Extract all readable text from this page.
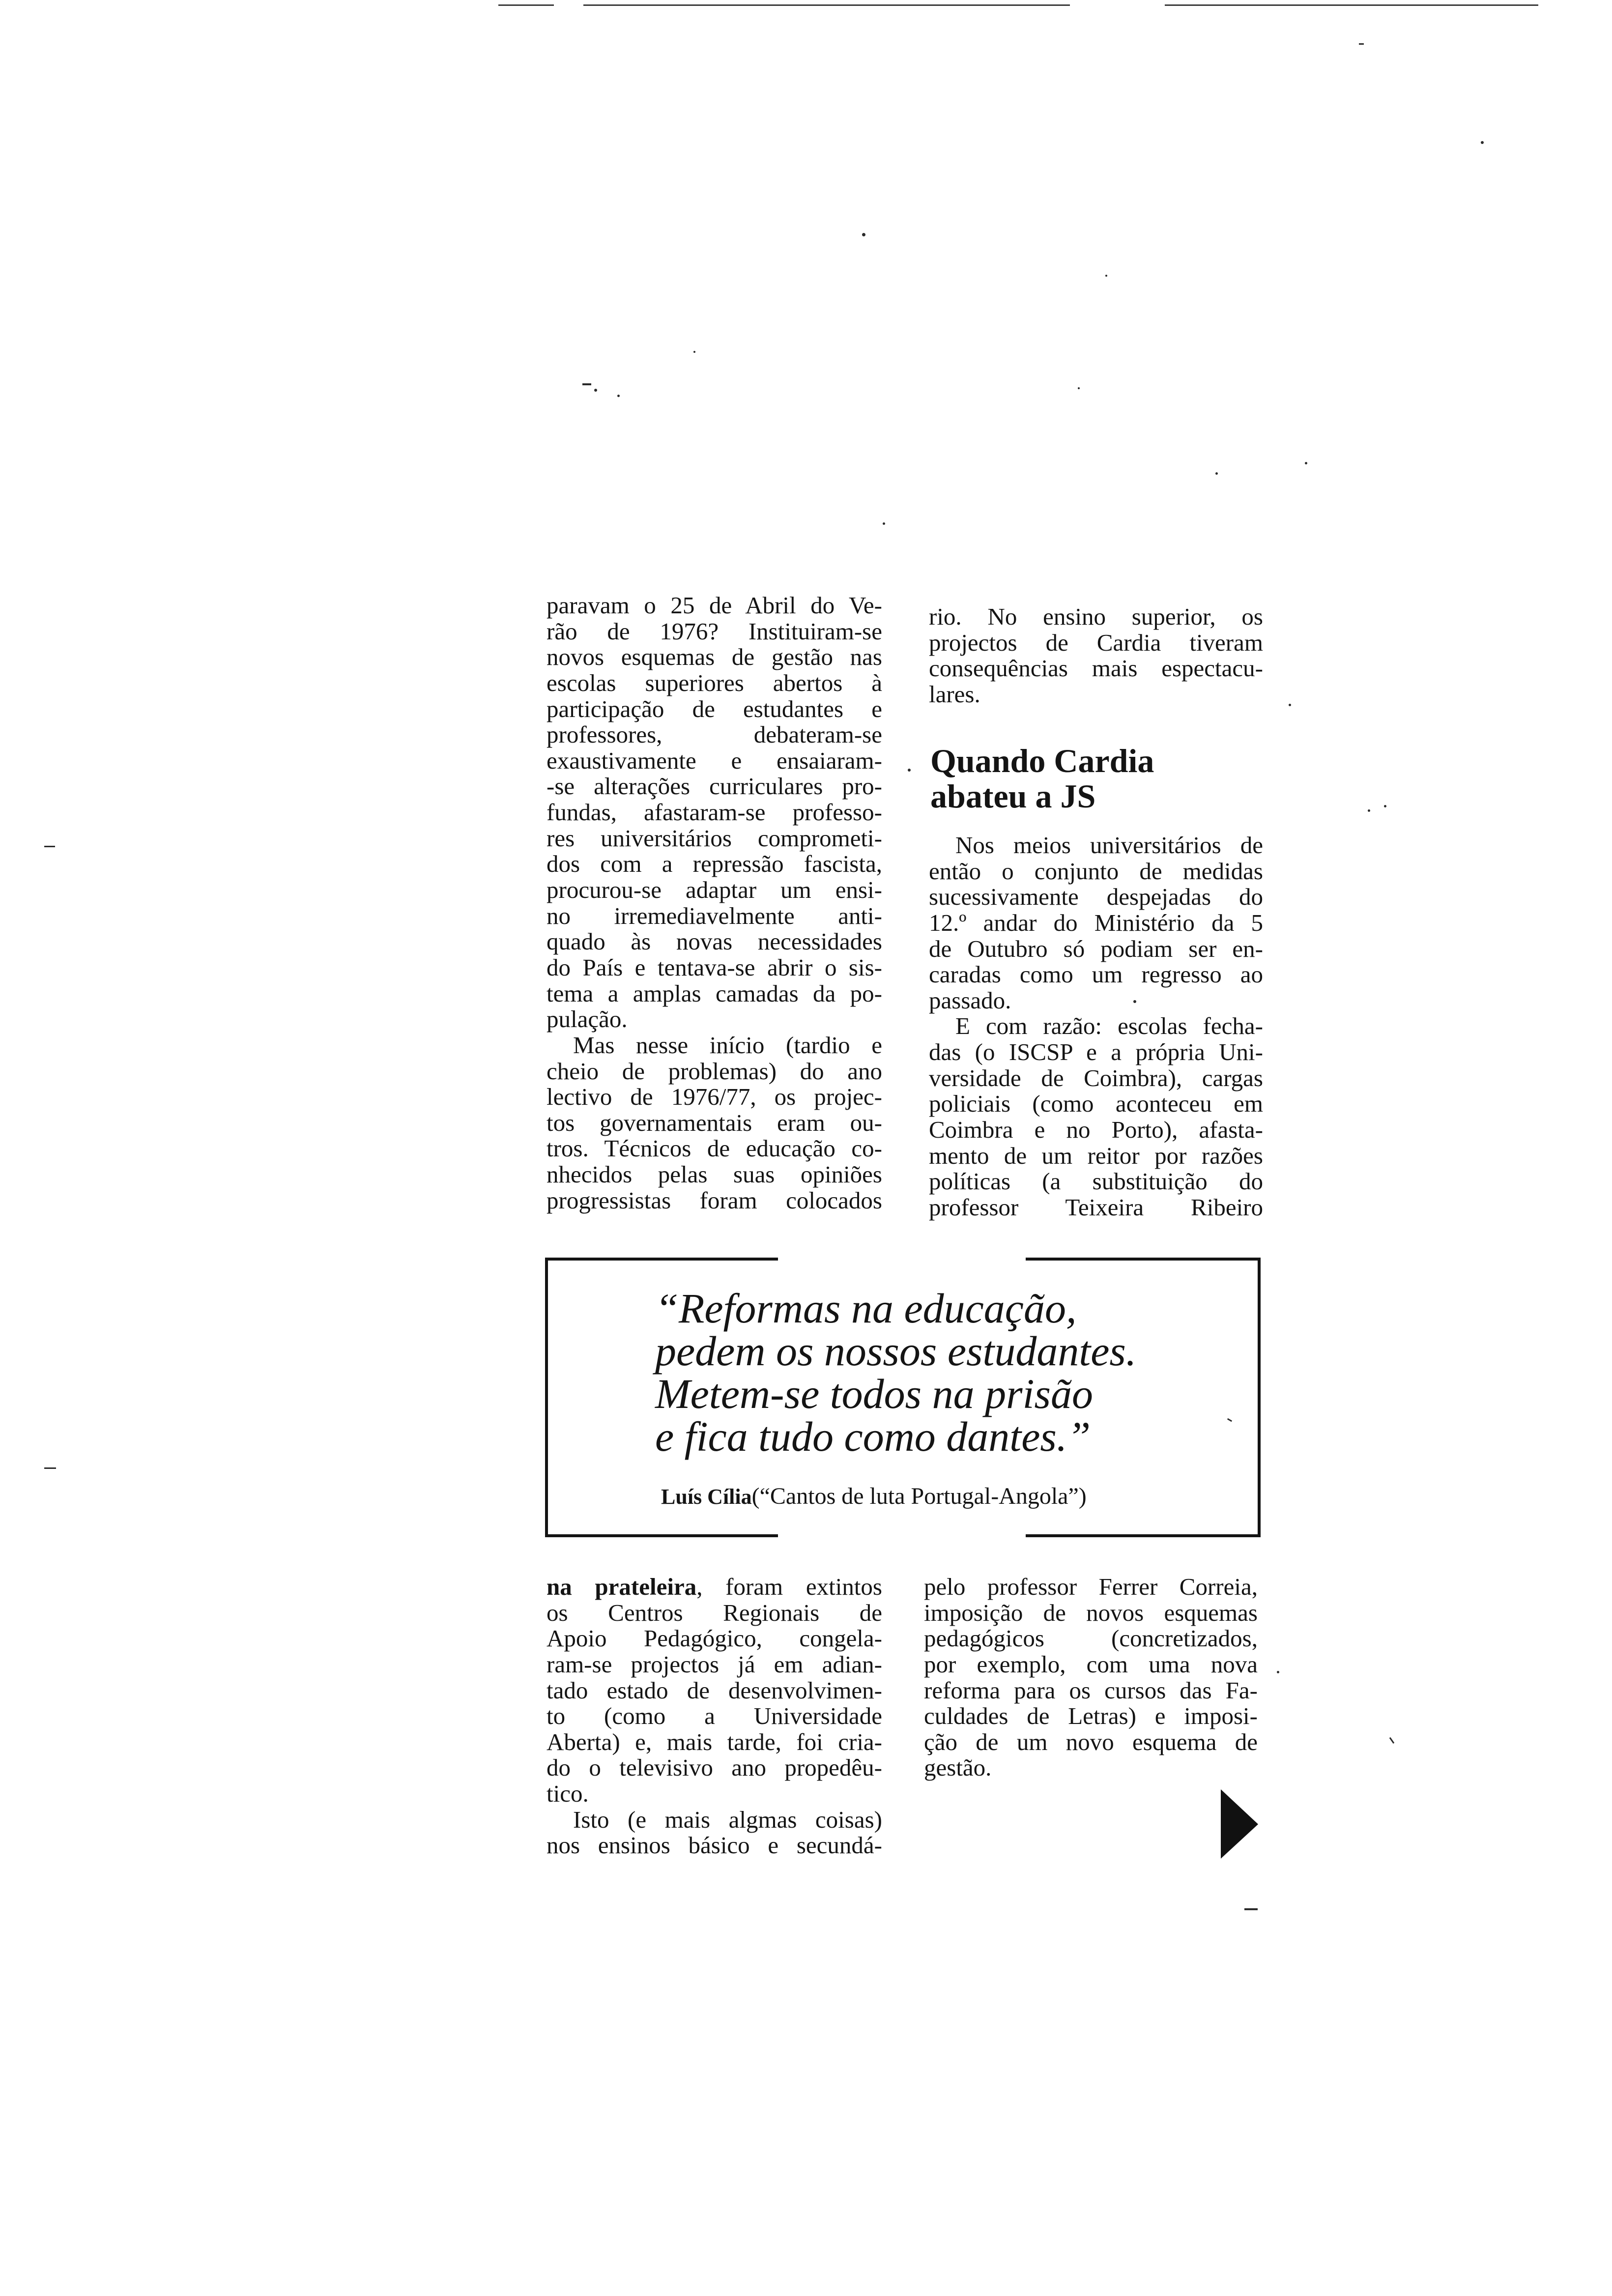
paravam o 25 de Abril do Ve-
rão de 1976? Instituiram-se
novos esquemas de gestão nas
escolas superiores abertos à
participação de estudantes e
professores, debateram-se
exaustivamente e ensaiaram-
-se alterações curriculares pro-
fundas, afastaram-se professo-
res universitários comprometi-
dos com a repressão fascista,
procurou-se adaptar um ensi-
no irremediavelmente anti-
quado às novas necessidades
do País e tentava-se abrir o sis-
tema a amplas camadas da po-
pulação.
Mas nesse início (tardio e
cheio de problemas) do ano
lectivo de 1976/77, os projec-
tos governamentais eram ou-
tros. Técnicos de educação co-
nhecidos pelas suas opiniões
progressistas foram colocados
rio. No ensino superior, os
projectos de Cardia tiveram
consequências mais espectacu-
lares.
Quando Cardia
abateu a JS
Nos meios universitários de
então o conjunto de medidas
sucessivamente despejadas do
12.º andar do Ministério da 5
de Outubro só podiam ser en-
caradas como um regresso ao
passado.
E com razão: escolas fecha-
das (o ISCSP e a própria Uni-
versidade de Coimbra), cargas
policiais (como aconteceu em
Coimbra e no Porto), afasta-
mento de um reitor por razões
políticas (a substituição do
professor Teixeira Ribeiro
“Reformas na educação,
pedem os nossos estudantes.
Metem-se todos na prisão
e fica tudo como dantes.”
Luís Cília(“Cantos de luta Portugal-Angola”)
na prateleira, foram extintos
os Centros Regionais de
Apoio Pedagógico, congela-
ram-se projectos já em adian-
tado estado de desenvolvimen-
to (como a Universidade
Aberta) e, mais tarde, foi cria-
do o televisivo ano propedêu-
tico.
Isto (e mais algmas coisas)
nos ensinos básico e secundá-
pelo professor Ferrer Correia,
imposição de novos esquemas
pedagógicos (concretizados,
por exemplo, com uma nova
reforma para os cursos das Fa-
culdades de Letras) e imposi-
ção de um novo esquema de
gestão.
